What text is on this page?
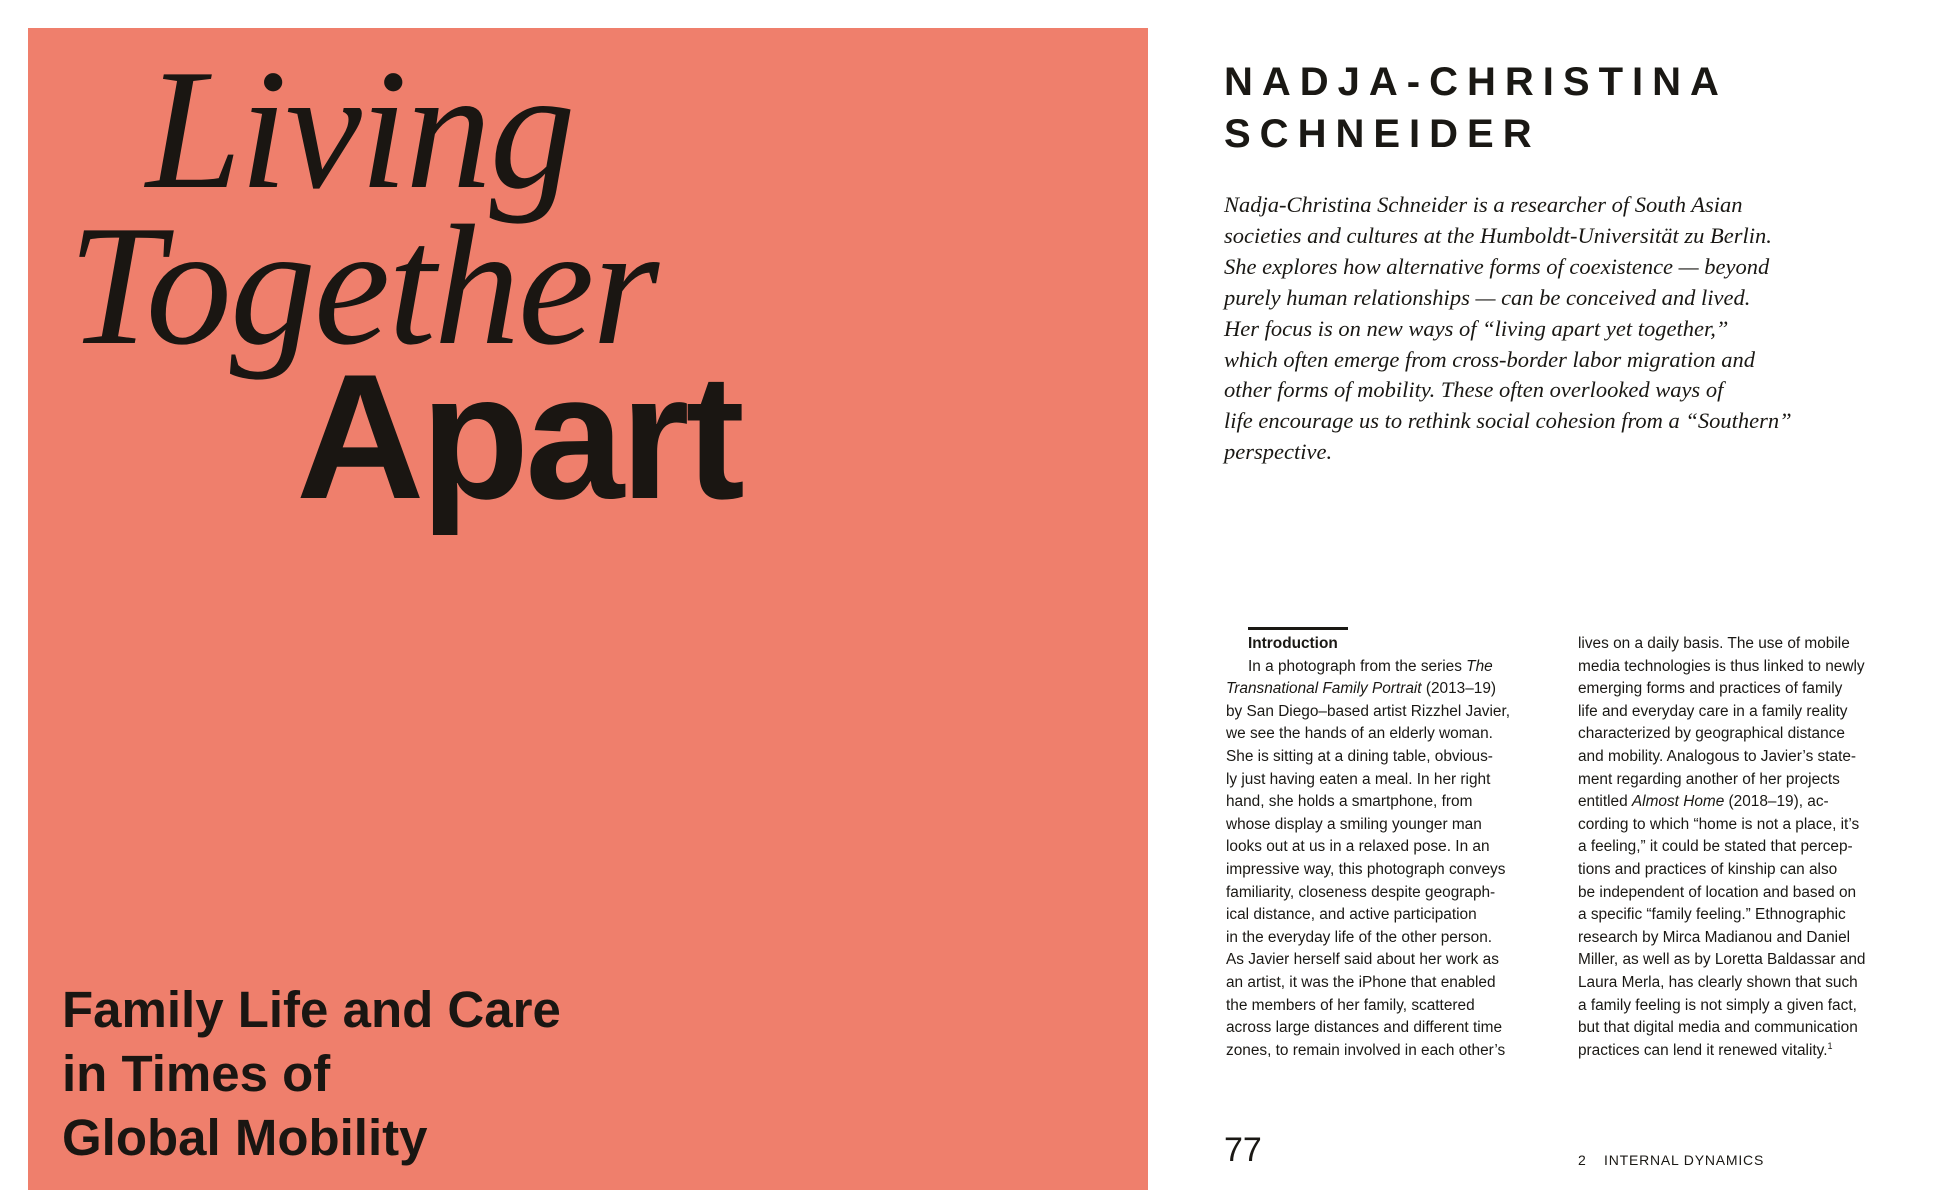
Living
Together
Apart
Family Life and Care
in Times of
Global Mobility
NADJA-CHRISTINA
SCHNEIDER
Nadja-Christina Schneider is a researcher of South Asian
societies and cultures at the Humboldt-Universität zu Berlin.
She explores how alternative forms of coexistence — beyond
purely human relationships — can be conceived and lived.
Her focus is on new ways of “living apart yet together,”
which often emerge from cross-border labor migration and
other forms of mobility. These often overlooked ways of
life encourage us to rethink social cohesion from a “Southern”
perspective.
Introduction
In a photograph from the series The
Transnational Family Portrait (2013–19)
by San Diego–based artist Rizzhel Javier,
we see the hands of an elderly woman.
She is sitting at a dining table, obvious-
ly just having eaten a meal. In her right
hand, she holds a smartphone, from
whose display a smiling younger man
looks out at us in a relaxed pose. In an
impressive way, this photograph conveys
familiarity, closeness despite geograph-
ical distance, and active participation
in the everyday life of the other person.
As Javier herself said about her work as
an artist, it was the iPhone that enabled
the members of her family, scattered
across large distances and different time
zones, to remain involved in each other’s
lives on a daily basis. The use of mobile
media technologies is thus linked to newly
emerging forms and practices of family
life and everyday care in a family reality
characterized by geographical distance
and mobility. Analogous to Javier’s state-
ment regarding another of her projects
entitled Almost Home (2018–19), ac-
cording to which “home is not a place, it’s
a feeling,” it could be stated that percep-
tions and practices of kinship can also
be independent of location and based on
a specific “family feeling.” Ethnographic
research by Mirca Madianou and Daniel
Miller, as well as by Loretta Baldassar and
Laura Merla, has clearly shown that such
a family feeling is not simply a given fact,
but that digital media and communication
practices can lend it renewed vitality.$^1$
77	2 INTERNAL DYNAMICS
